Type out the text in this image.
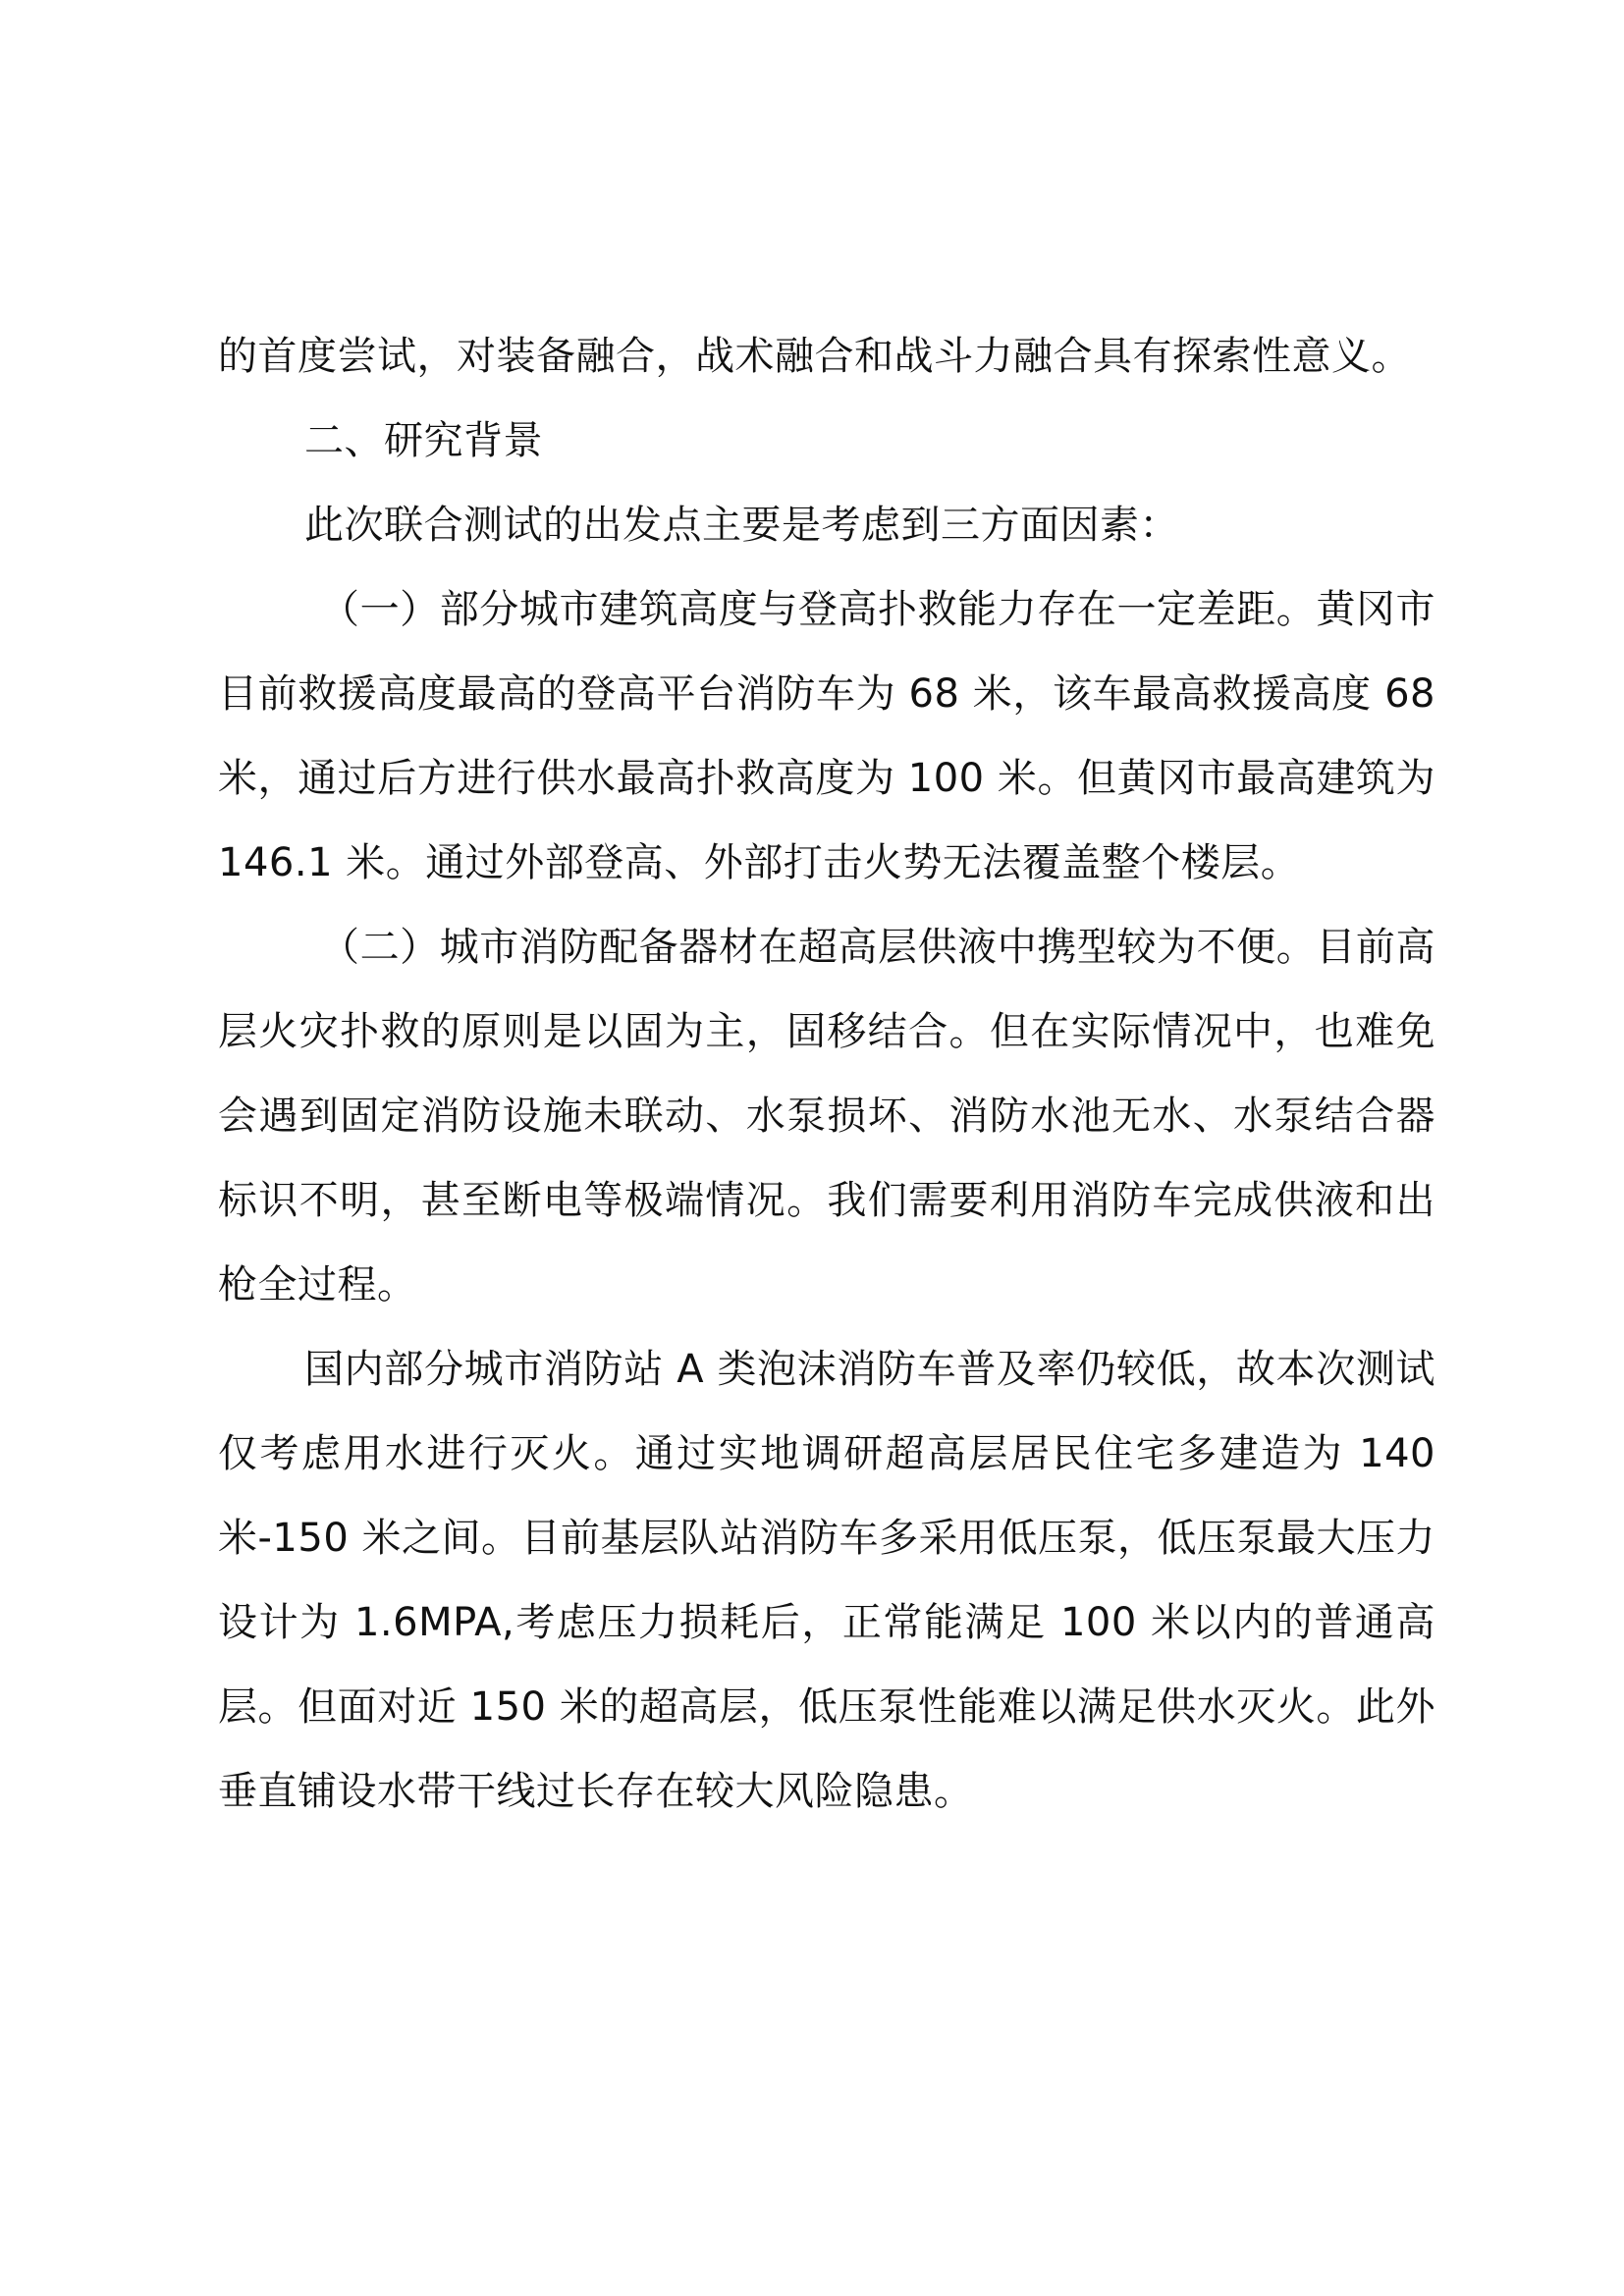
的首度尝试，对装备融合，战术融合和战斗力融合具有探索性意义。

二、研究背景

此次联合测试的出发点主要是考虑到三方面因素：

（一）部分城市建筑高度与登高扑救能力存在一定差距。黄冈市目前救援高度最高的登高平台消防车为 68 米，该车最高救援高度 68 米，通过后方进行供水最高扑救高度为 100 米。但黄冈市最高建筑为 146.1 米。通过外部登高、外部打击火势无法覆盖整个楼层。

（二）城市消防配备器材在超高层供液中携型较为不便。目前高层火灾扑救的原则是以固为主，固移结合。但在实际情况中，也难免会遇到固定消防设施未联动、水泵损坏、消防水池无水、水泵结合器标识不明，甚至断电等极端情况。我们需要利用消防车完成供液和出枪全过程。

国内部分城市消防站 A 类泡沫消防车普及率仍较低，故本次测试仅考虑用水进行灭火。通过实地调研超高层居民住宅多建造为 140 米-150 米之间。目前基层队站消防车多采用低压泵，低压泵最大压力设计为 1.6MPA,考虑压力损耗后，正常能满足 100 米以内的普通高层。但面对近 150 米的超高层，低压泵性能难以满足供水灭火。此外垂直铺设水带干线过长存在较大风险隐患。
